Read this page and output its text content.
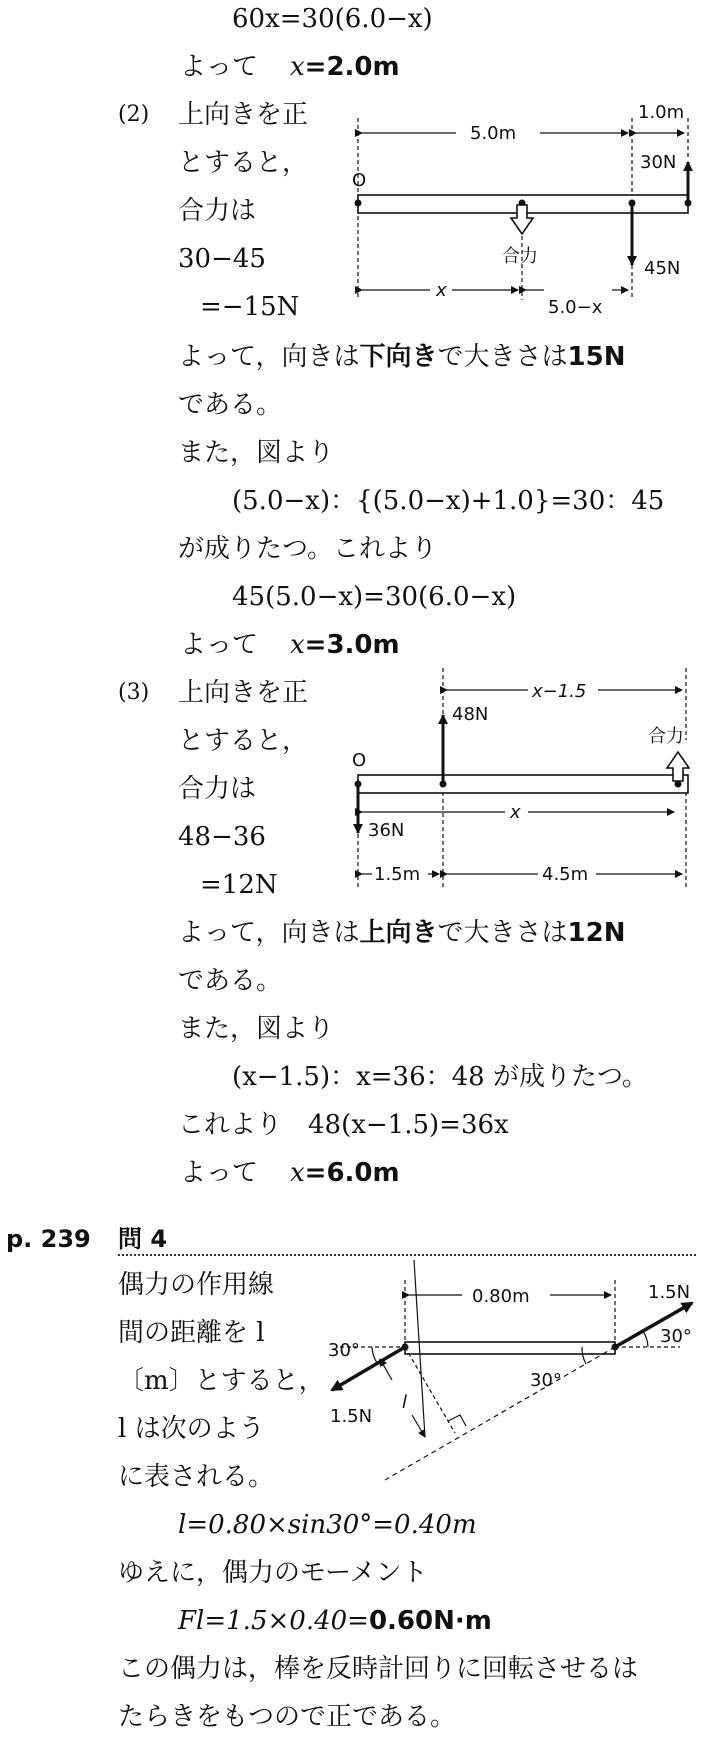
60x=30(6.0−x)
よって x=2.0m
(2) 上向きを正
とすると，
合力は
30−45
=−15N
5.0m
1.0m
O
30N
45N
合力
x
5.0−x
よって，向きは下向きで大きさは15N
である。
また，図より
(5.0−x)：{(5.0−x)+1.0}=30：45
が成りたつ。これより
45(5.0−x)=30(6.0−x)
よって x=3.0m
(3) 上向きを正
とすると，
合力は
48−36
=12N
x−1.5
O
48N
36N
合力
x
1.5m	4.5m
よって，向きは上向きで大きさは12N
である。
また，図より
(x−1.5)：x=36：48 が成りたつ。
これより　48(x−1.5)=36x
よって x=6.0m
p. 239 問 4
偶力の作用線
間の距離を l
〔m〕とすると，
l は次のよう
に表される。
0.80m	1.5N
30°
1.5N
30°
30°
l
l=0.80×sin30°=0.40m
ゆえに，偶力のモーメント
Fl=1.5×0.40=0.60N·m
この偶力は，棒を反時計回りに回転させるは
たらきをもつので正である。
